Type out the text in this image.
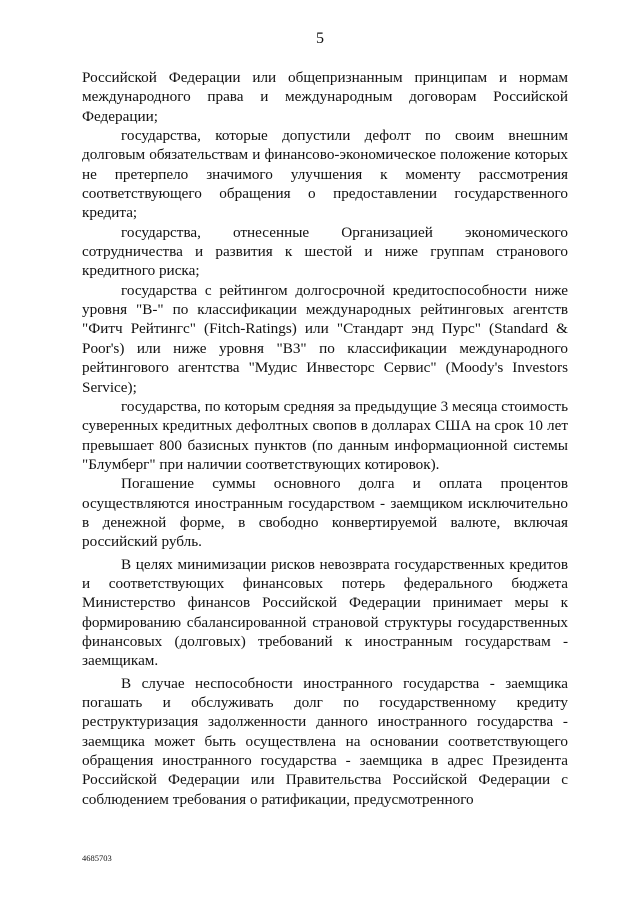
5

Российской Федерации или общепризнанным принципам и нормам международного права и международным договорам Российской Федерации;

государства, которые допустили дефолт по своим внешним долговым обязательствам и финансово-экономическое положение которых не претерпело значимого улучшения к моменту рассмотрения соответствующего обращения о предоставлении государственного кредита;

государства, отнесенные Организацией экономического сотрудничества и развития к шестой и ниже группам странового кредитного риска;

государства с рейтингом долгосрочной кредитоспособности ниже уровня "B-" по классификации международных рейтинговых агентств "Фитч Рейтингс" (Fitch-Ratings) или "Стандарт энд Пурс" (Standard & Poor's) или ниже уровня "B3" по классификации международного рейтингового агентства "Мудис Инвесторс Сервис" (Moody's Investors Service);

государства, по которым средняя за предыдущие 3 месяца стоимость суверенных кредитных дефолтных свопов в долларах США на срок 10 лет превышает 800 базисных пунктов (по данным информационной системы "Блумберг" при наличии соответствующих котировок).

Погашение суммы основного долга и оплата процентов осуществляются иностранным государством - заемщиком исключительно в денежной форме, в свободно конвертируемой валюте, включая российский рубль.

В целях минимизации рисков невозврата государственных кредитов и соответствующих финансовых потерь федерального бюджета Министерство финансов Российской Федерации принимает меры к формированию сбалансированной страновой структуры государственных финансовых (долговых) требований к иностранным государствам - заемщикам.

В случае неспособности иностранного государства - заемщика погашать и обслуживать долг по государственному кредиту реструктуризация задолженности данного иностранного государства - заемщика может быть осуществлена на основании соответствующего обращения иностранного государства - заемщика в адрес Президента Российской Федерации или Правительства Российской Федерации с соблюдением требования о ратификации, предусмотренного

4685703
